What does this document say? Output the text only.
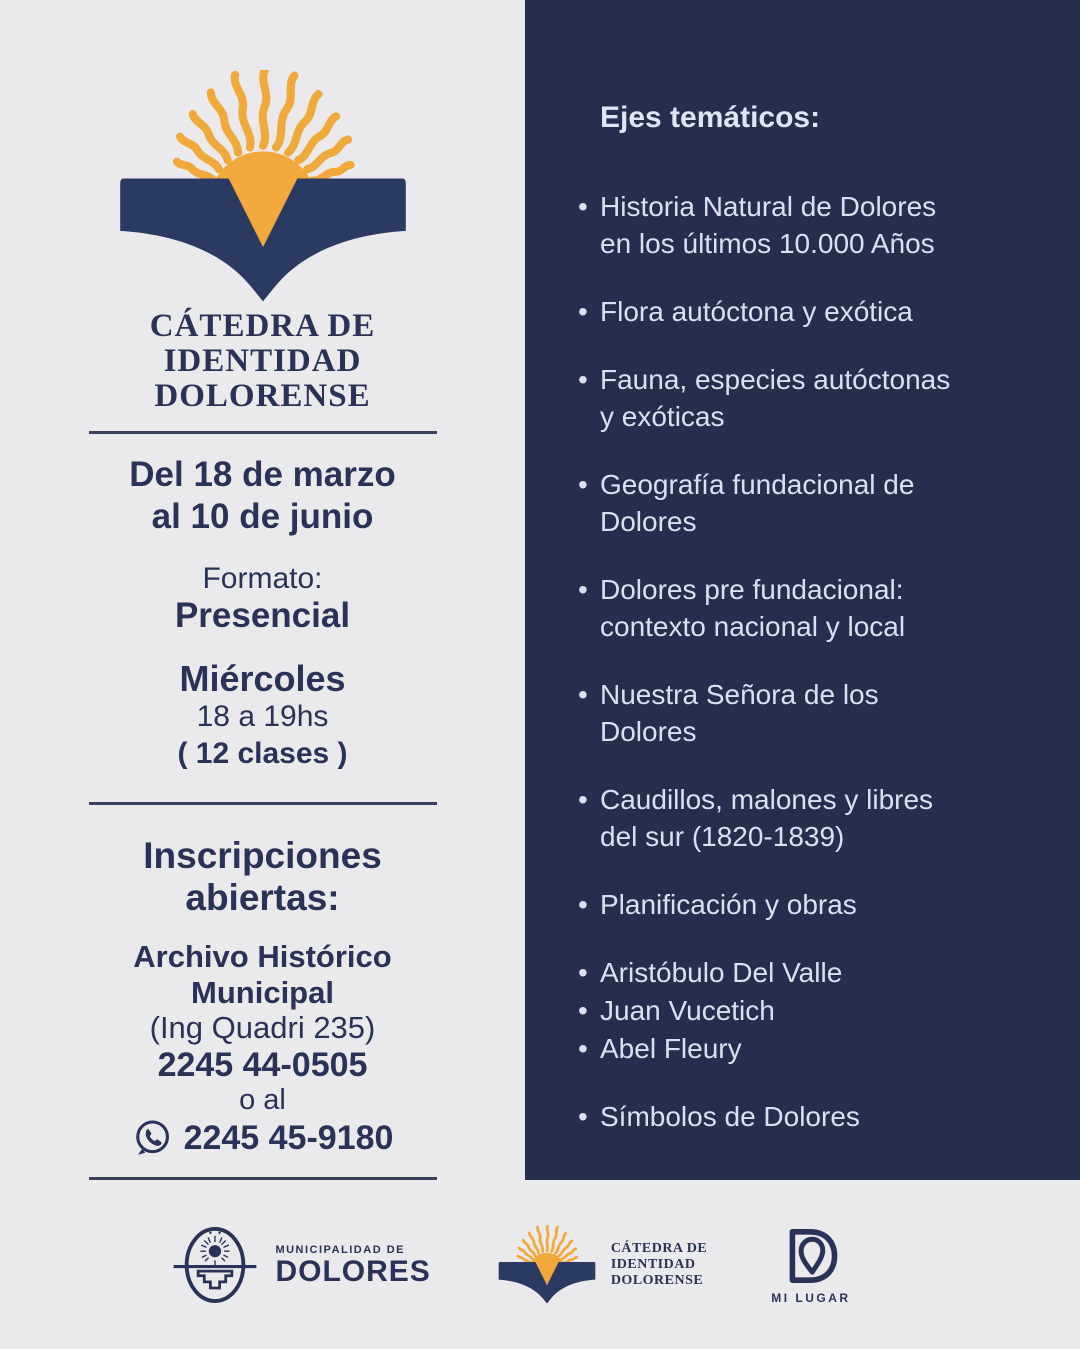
CÁTEDRA DE
IDENTIDAD
DOLORENSE
Del 18 de marzo
al 10 de junio
Formato:
Presencial
Miércoles
18 a 19hs
( 12 clases )
Inscripciones
abiertas:
Archivo Histórico
Municipal
(Ing Quadri 235)
2245 44-0505
o al
2245 45-9180
Ejes temáticos:
• Historia Natural de Dolores
en los últimos 10.000 Años
• Flora autóctona y exótica
• Fauna, especies autóctonas
y exóticas
• Geografía fundacional de
Dolores
• Dolores pre fundacional:
contexto nacional y local
• Nuestra Señora de los
Dolores
• Caudillos, malones y libres
del sur (1820-1839)
• Planificación y obras
• Aristóbulo Del Valle
• Juan Vucetich
• Abel Fleury
• Símbolos de Dolores
MUNICIPALIDAD DE
DOLORES
CÁTEDRA DE
IDENTIDAD
DOLORENSE
MI LUGAR
